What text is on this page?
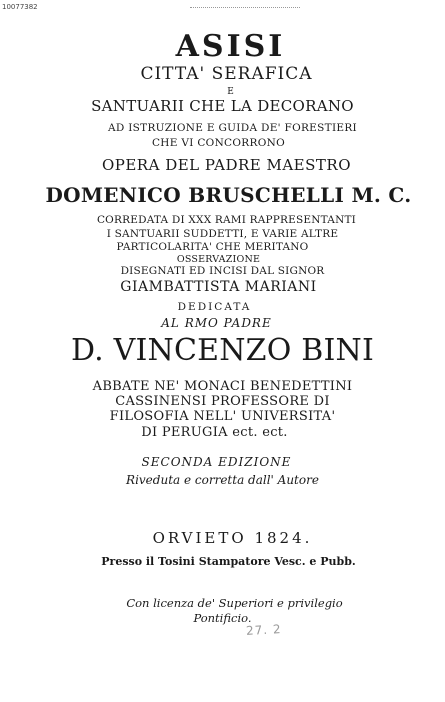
10077382
ASISI
CITTA' SERAFICA
E
SANTUARII CHE LA DECORANO
AD ISTRUZIONE E GUIDA DE' FORESTIERI
CHE VI CONCORRONO
OPERA DEL PADRE MAESTRO
DOMENICO BRUSCHELLI M. C.
CORREDATA DI XXX RAMI RAPPRESENTANTI
I SANTUARII SUDDETTI, E VARIE ALTRE
PARTICOLARITA' CHE MERITANO
OSSERVAZIONE
DISEGNATI ED INCISI DAL SIGNOR
GIAMBATTISTA MARIANI
DEDICATA
AL RMO PADRE
D. VINCENZO BINI
ABBATE NE' MONACI BENEDETTINI
CASSINENSI PROFESSORE DI
FILOSOFIA NELL' UNIVERSITA'
DI PERUGIA ect. ect.
SECONDA EDIZIONE
Riveduta e corretta dall' Autore
ORVIETO 1824.
Presso il Tosini Stampatore Vesc. e Pubb.
Con licenza de' Superiori e privilegio
Pontificio.
27. 2
